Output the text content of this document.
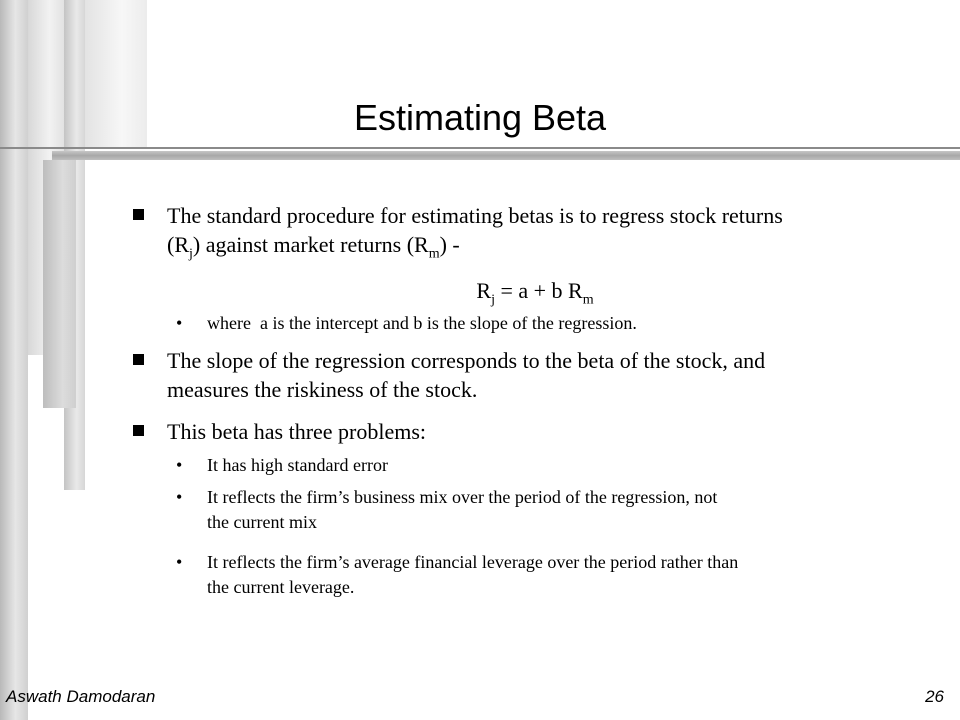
Estimating Beta
The standard procedure for estimating betas is to regress stock returns
$(R_j)$ against market returns $(R_m)$ -

$R_j = a + b$ $R_m$

• where  a is the intercept and b is the slope of the regression.

The slope of the regression corresponds to the beta of the stock, and
measures the riskiness of the stock.

This beta has three problems:

• It has high standard error

• It reflects the firm’s business mix over the period of the regression, not
the current mix

• It reflects the firm’s average financial leverage over the period rather than
the current leverage.

Aswath Damodaran	26
